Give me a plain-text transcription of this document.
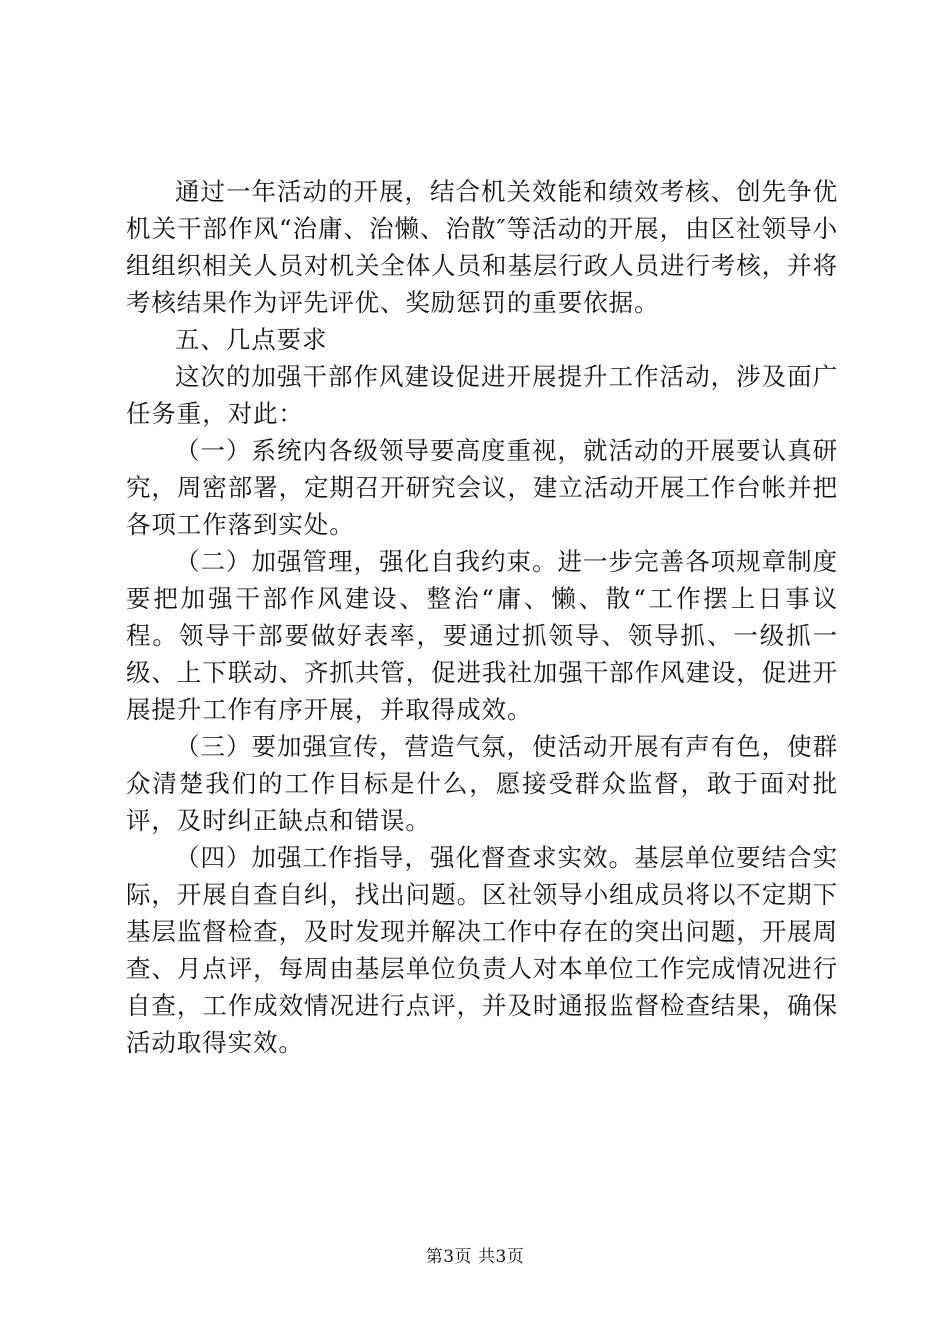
通过一年活动的开展，结合机关效能和绩效考核、创先争优机关干部作风“治庸、治懒、治散″等活动的开展，由区社领导小组组织相关人员对机关全体人员和基层行政人员进行考核，并将考核结果作为评先评优、奖励惩罚的重要依据。

五、几点要求

这次的加强干部作风建设促进开展提升工作活动，涉及面广任务重，对此：

（一）系统内各级领导要高度重视，就活动的开展要认真研究，周密部署，定期召开研究会议，建立活动开展工作台帐并把各项工作落到实处。

（二）加强管理，强化自我约束。进一步完善各项规章制度要把加强干部作风建设、整治“庸、懒、散“工作摆上日事议程。领导干部要做好表率，要通过抓领导、领导抓、一级抓一级、上下联动、齐抓共管，促进我社加强干部作风建设，促进开展提升工作有序开展，并取得成效。

（三）要加强宣传，营造气氛，使活动开展有声有色，使群众清楚我们的工作目标是什么，愿接受群众监督，敢于面对批评，及时纠正缺点和错误。

（四）加强工作指导，强化督查求实效。基层单位要结合实际，开展自查自纠，找出问题。区社领导小组成员将以不定期下基层监督检查，及时发现并解决工作中存在的突出问题，开展周查、月点评，每周由基层单位负责人对本单位工作完成情况进行自查，工作成效情况进行点评，并及时通报监督检查结果，确保活动取得实效。

第3页 共3页
